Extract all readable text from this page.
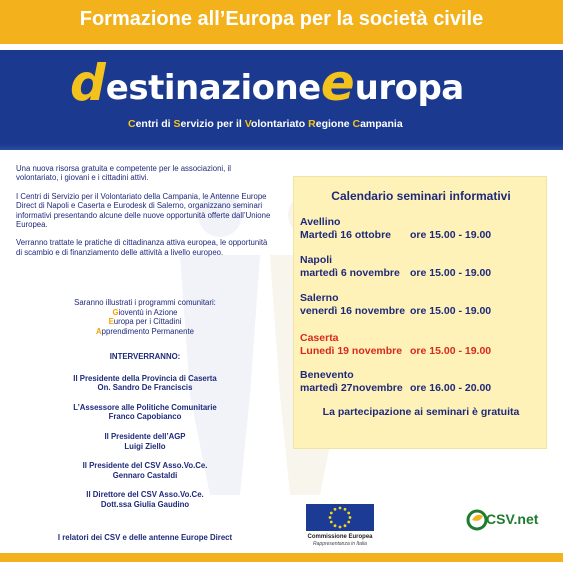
Formazione all’Europa per la società civile
d estinazione e uropa
Centri di Servizio per il Volontariato Regione Campania

Una nuova risorsa gratuita e competente per le associazioni, il volontariato, i giovani e i cittadini attivi.

I Centri di Servizio per il Volontariato della Campania, le Antenne Europe Direct di Napoli e Caserta e Eurodesk di Salerno, organizzano seminari informativi presentando alcune delle nuove opportunità offerte dall’Unione Europea.

Verranno trattate le pratiche di cittadinanza attiva europea, le opportunità di scambio e di finanziamento delle attività a livello europeo.

Saranno illustrati i programmi comunitari:
Gioventù in Azione
Europa per i Cittadini
Apprendimento Permanente
INTERVERRANNO:
Il Presidente della Provincia di Caserta
On. Sandro De Franciscis
L’Assessore alle Politiche Comunitarie
Franco Capobianco
Il Presidente dell’AGP
Luigi Ziello
Il Presidente del CSV Asso.Vo.Ce.
Gennaro Castaldi
Il Direttore del CSV Asso.Vo.Ce.
Dott.ssa Giulia Gaudino
I relatori dei CSV e delle antenne Europe Direct
Calendario seminari informativi
Avellino
Martedì 16 ottobre	ore 15.00 - 19.00
Napoli
martedì 6 novembre ore 15.00 - 19.00
Salerno
venerdì 16 novembre ore 15.00 - 19.00
Caserta
Lunedì 19 novembre ore 15.00 - 19.00
Benevento
martedì 27novembre ore 16.00 - 20.00
La partecipazione ai seminari è gratuita
Commissione Europea
Rappresentanza in Italia
CSV.net
